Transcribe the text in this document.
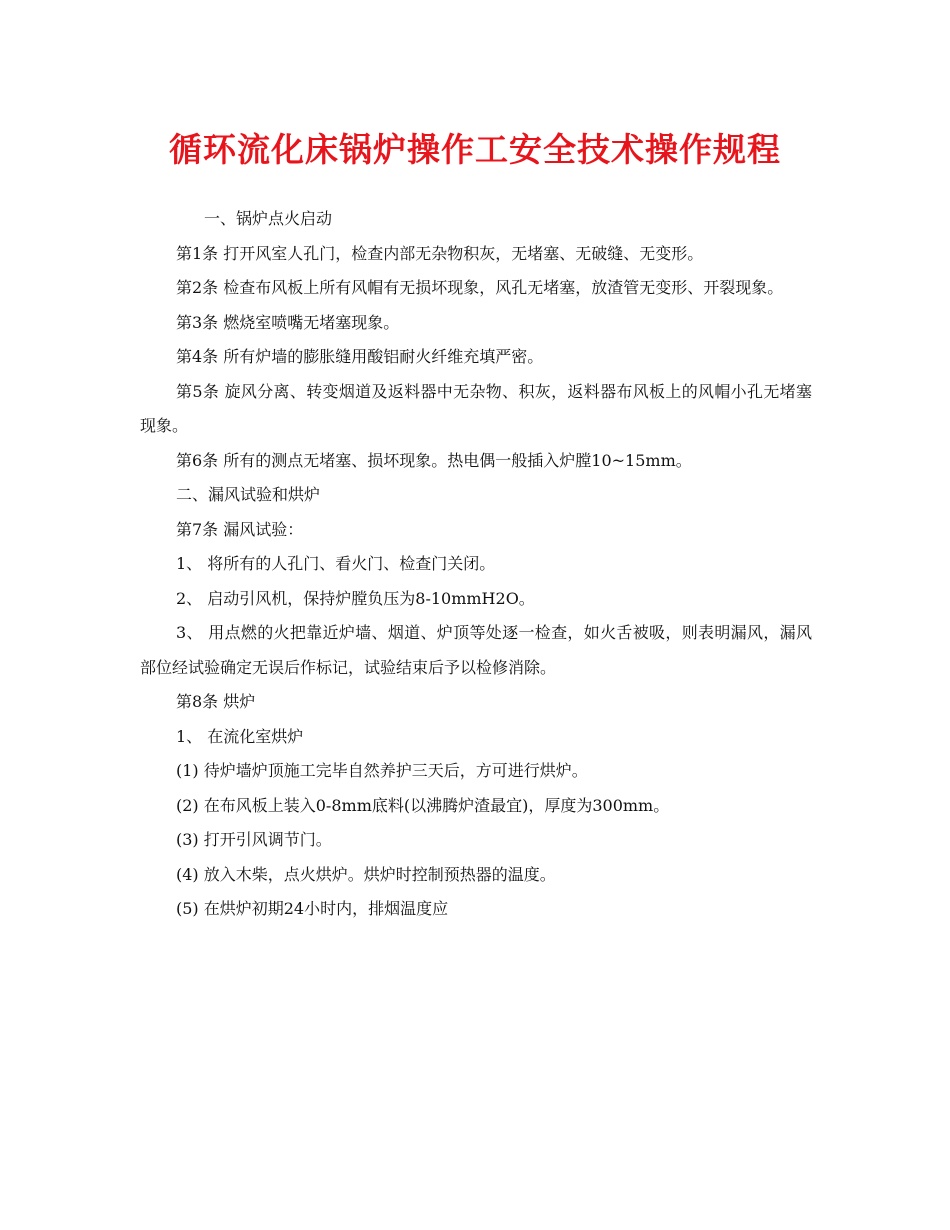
循环流化床锅炉操作工安全技术操作规程

一、锅炉点火启动

第1条 打开风室人孔门，检查内部无杂物积灰，无堵塞、无破缝、无变形。

第2条 检查布风板上所有风帽有无损坏现象，风孔无堵塞，放渣管无变形、开裂现象。

第3条 燃烧室喷嘴无堵塞现象。

第4条 所有炉墙的膨胀缝用酸铝耐火纤维充填严密。

第5条 旋风分离、转变烟道及返料器中无杂物、积灰，返料器布风板上的风帽小孔无堵塞现象。

第6条 所有的测点无堵塞、损坏现象。热电偶一般插入炉膛10~15mm。

二、漏风试验和烘炉

第7条 漏风试验：

1、 将所有的人孔门、看火门、检查门关闭。

2、 启动引风机，保持炉膛负压为8-10mmH2O。

3、 用点燃的火把靠近炉墙、烟道、炉顶等处逐一检查，如火舌被吸，则表明漏风，漏风部位经试验确定无误后作标记，试验结束后予以检修消除。

第8条 烘炉

1、 在流化室烘炉

(1) 待炉墙炉顶施工完毕自然养护三天后，方可进行烘炉。

(2) 在布风板上装入0-8mm底料(以沸腾炉渣最宜)，厚度为300mm。

(3) 打开引风调节门。

(4) 放入木柴，点火烘炉。烘炉时控制预热器的温度。

(5) 在烘炉初期24小时内，排烟温度应
